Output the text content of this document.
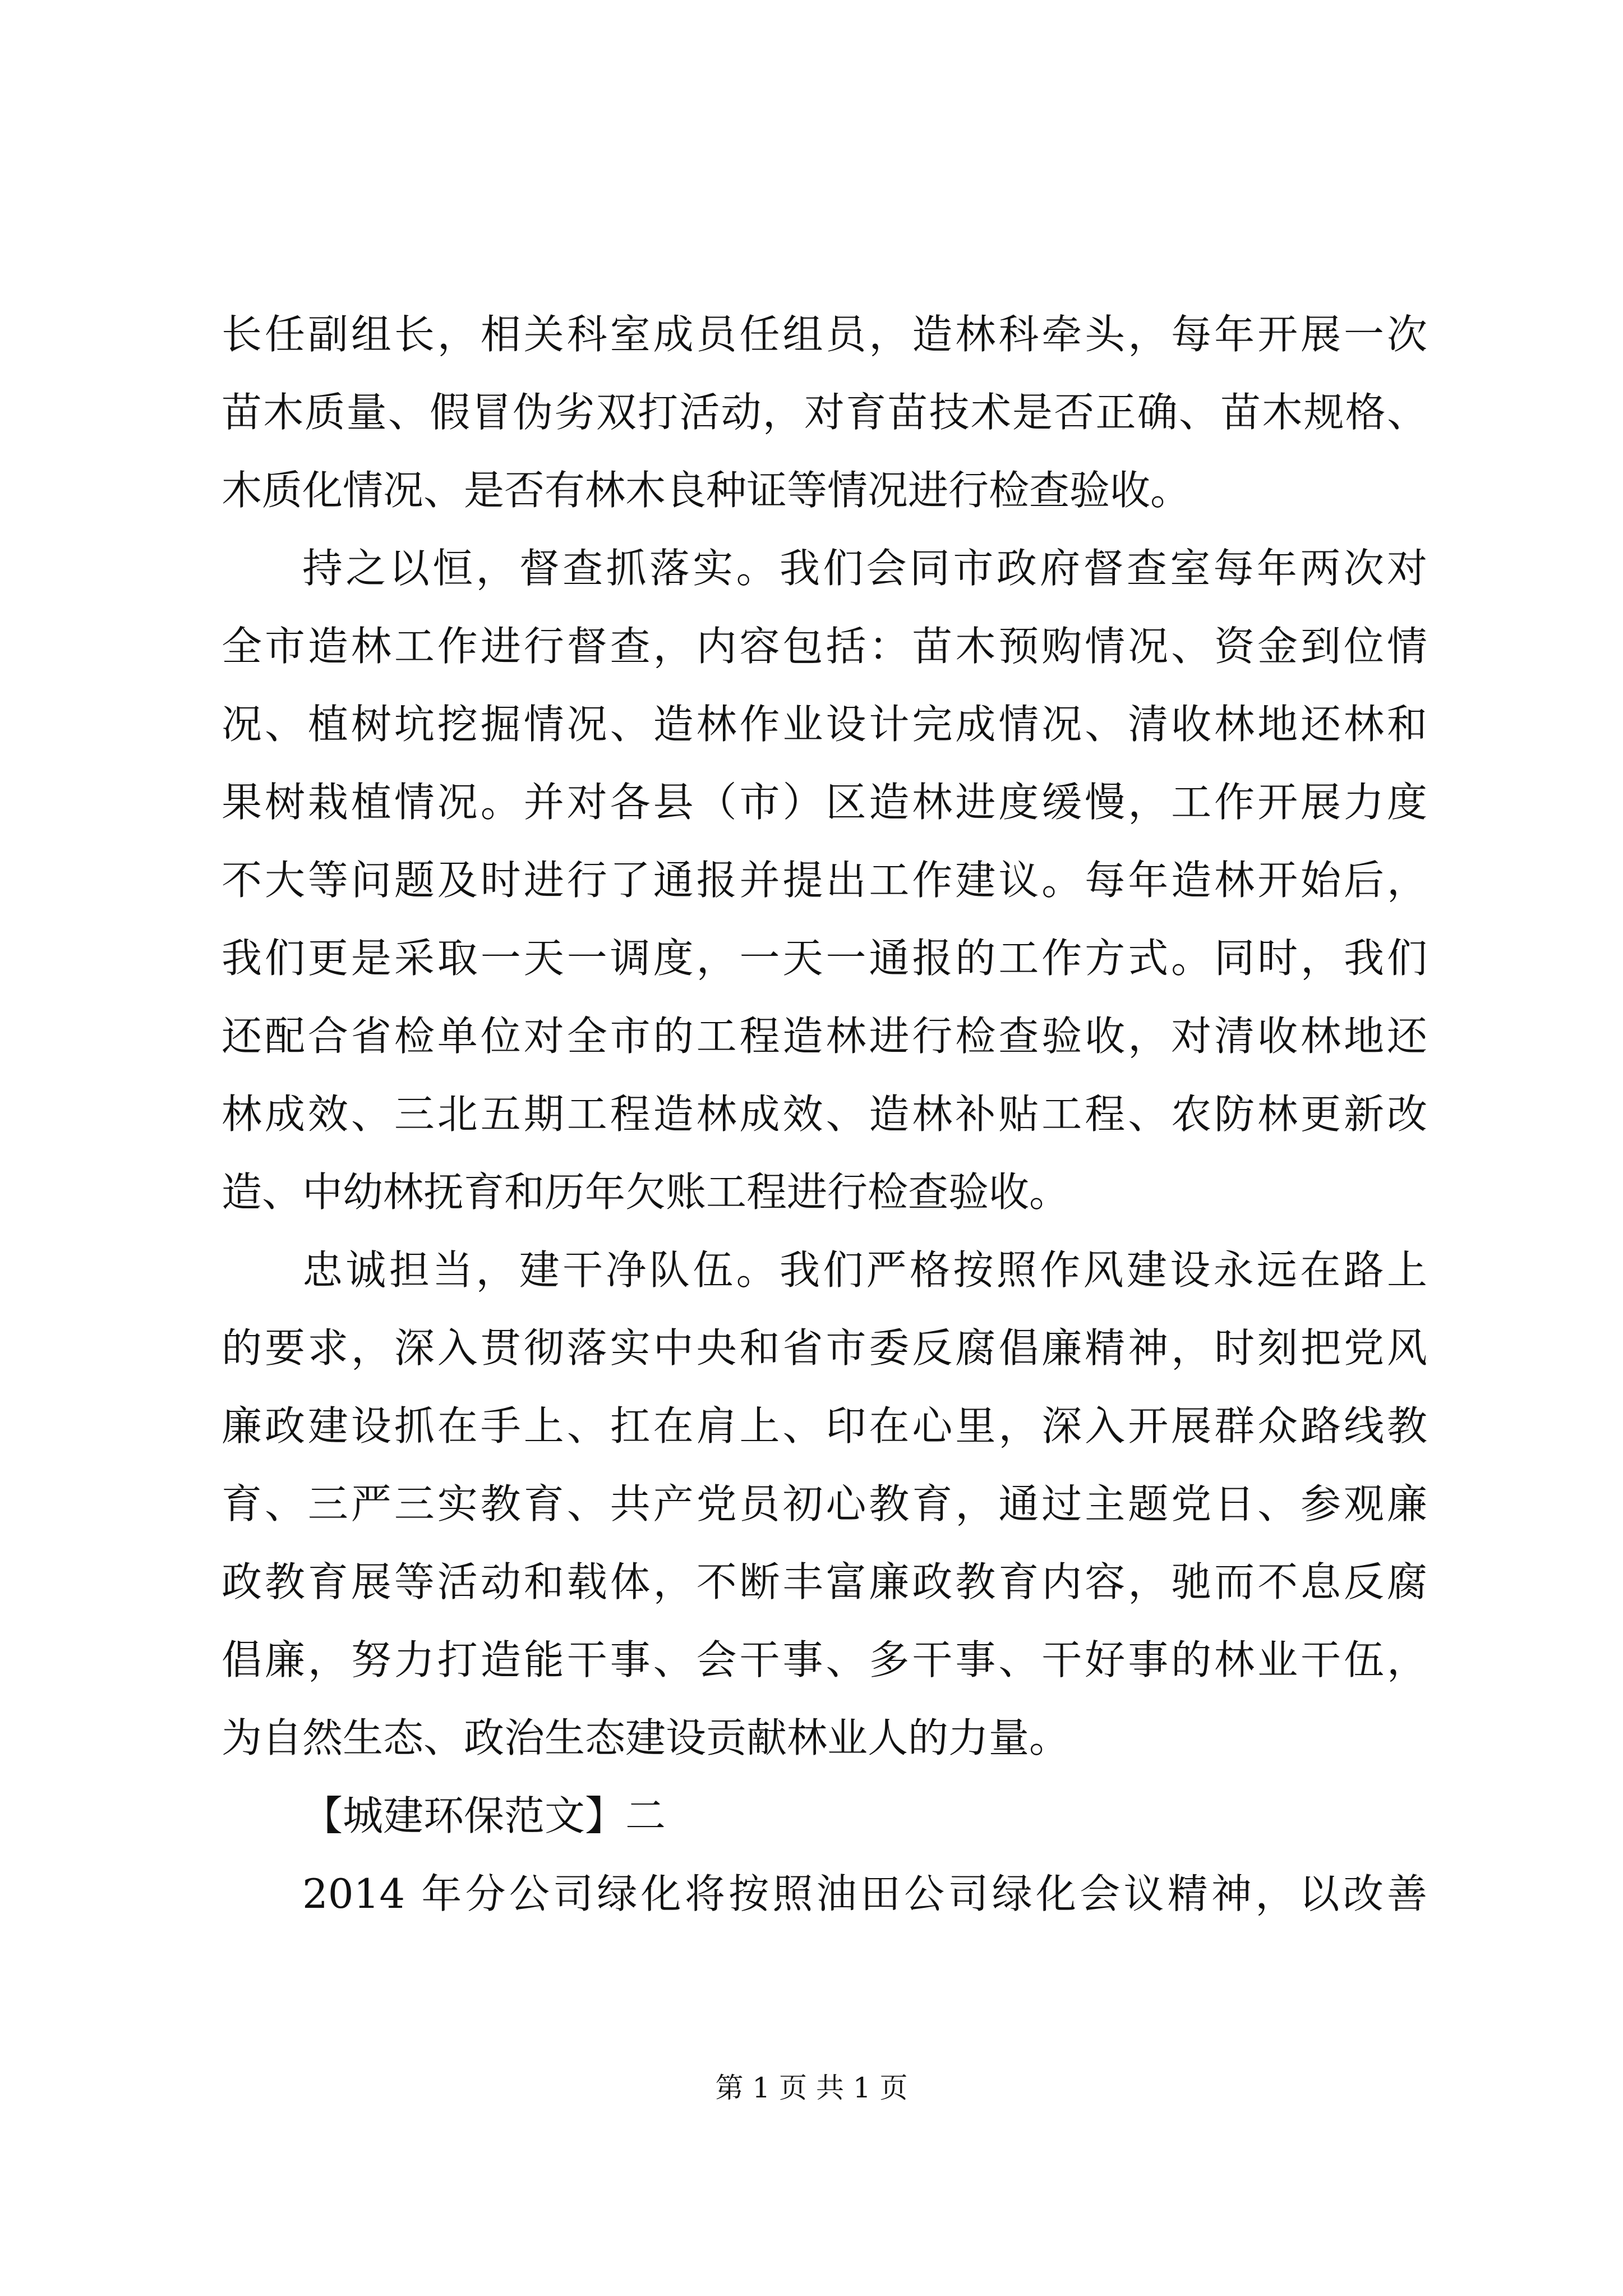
长任副组长，相关科室成员任组员，造林科牵头，每年开展一次
苗木质量、假冒伪劣双打活动，对育苗技术是否正确、苗木规格、
木质化情况、是否有林木良种证等情况进行检查验收。
持之以恒，督查抓落实。我们会同市政府督查室每年两次对
全市造林工作进行督查，内容包括：苗木预购情况、资金到位情
况、植树坑挖掘情况、造林作业设计完成情况、清收林地还林和
果树栽植情况。并对各县（市）区造林进度缓慢，工作开展力度
不大等问题及时进行了通报并提出工作建议。每年造林开始后，
我们更是采取一天一调度，一天一通报的工作方式。同时，我们
还配合省检单位对全市的工程造林进行检查验收，对清收林地还
林成效、三北五期工程造林成效、造林补贴工程、农防林更新改
造、中幼林抚育和历年欠账工程进行检查验收。
忠诚担当，建干净队伍。我们严格按照作风建设永远在路上
的要求，深入贯彻落实中央和省市委反腐倡廉精神，时刻把党风
廉政建设抓在手上、扛在肩上、印在心里，深入开展群众路线教
育、三严三实教育、共产党员初心教育，通过主题党日、参观廉
政教育展等活动和载体，不断丰富廉政教育内容，驰而不息反腐
倡廉，努力打造能干事、会干事、多干事、干好事的林业干伍，
为自然生态、政治生态建设贡献林业人的力量。
【城建环保范文】二
2014 年分公司绿化将按照油田公司绿化会议精神，以改善
第 1 页 共 1 页
